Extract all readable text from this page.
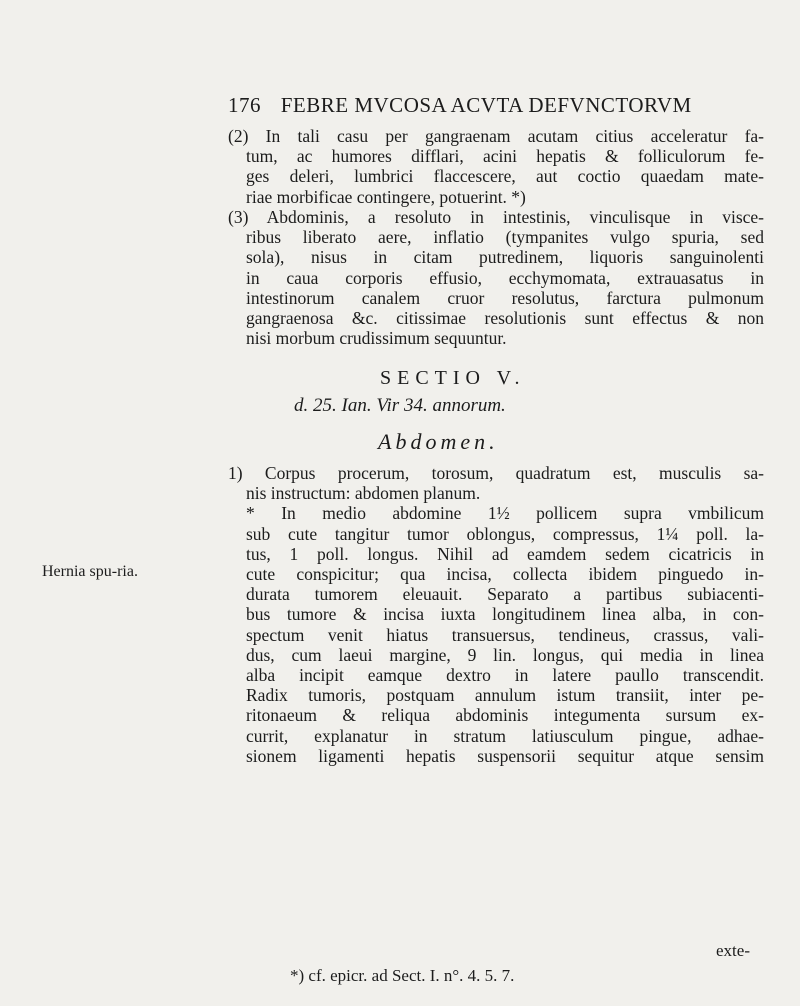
176 FEBRE MVCOSA ACVTA DEFVNCTORVM
(2) In tali casu per gangraenam acutam citius acceleratur fa-
tum, ac humores difflari, acini hepatis & folliculorum fe-
ges deleri, lumbrici flaccescere, aut coctio quaedam mate-
riae morbificae contingere, potuerint. *)
(3) Abdominis, a resoluto in intestinis, vinculisque in visce-
ribus liberato aere, inflatio (tympanites vulgo spuria, sed
sola), nisus in citam putredinem, liquoris sanguinolenti
in caua corporis effusio, ecchymomata, extrauasatus in
intestinorum canalem cruor resolutus, farctura pulmonum
gangraenosa &c. citissimae resolutionis sunt effectus & non
nisi morbum crudissimum sequuntur.
SECTIO V.
d. 25. Ian. Vir 34. annorum.
Abdomen.
1) Corpus procerum, torosum, quadratum est, musculis sa-
nis instructum: abdomen planum.
* In medio abdomine 1½ pollicem supra vmbilicum
sub cute tangitur tumor oblongus, compressus, 1¼ poll. la-
tus, 1 poll. longus. Nihil ad eamdem sedem cicatricis in
cute conspicitur; qua incisa, collecta ibidem pinguedo in-
durata tumorem eleuauit. Separato a partibus subiacenti-
bus tumore & incisa iuxta longitudinem linea alba, in con-
spectum venit hiatus transuersus, tendineus, crassus, vali-
dus, cum laeui margine, 9 lin. longus, qui media in linea
alba incipit eamque dextro in latere paullo transcendit.
Radix tumoris, postquam annulum istum transiit, inter pe-
ritonaeum & reliqua abdominis integumenta sursum ex-
currit, explanatur in stratum latiusculum pingue, adhae-
sionem ligamenti hepatis suspensorii sequitur atque sensim
Hernia spu-ria.
exte-
*) cf. epicr. ad Sect. I. n°. 4. 5. 7.
